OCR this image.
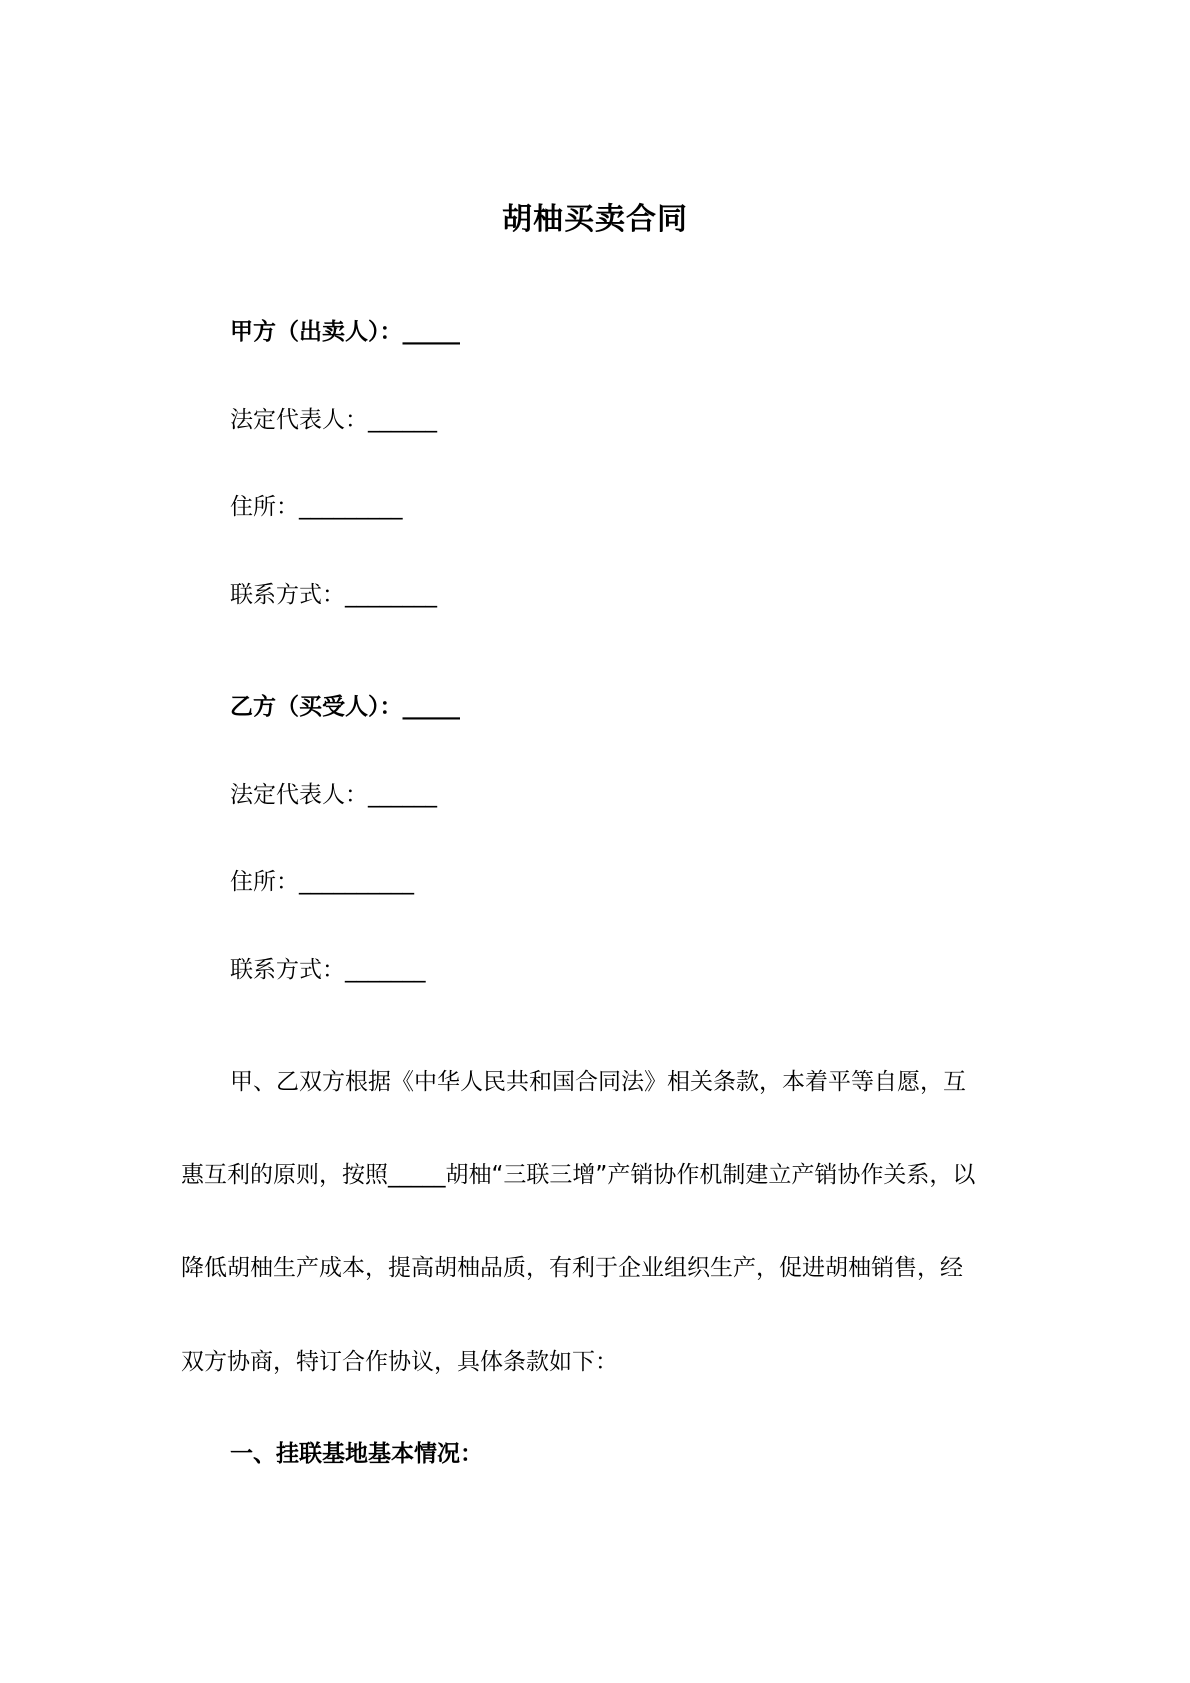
胡柚买卖合同
甲方（出卖人）：_____
法定代表人：______
住所：_________
联系方式：________
乙方（买受人）：_____
法定代表人：______
住所：__________
联系方式：_______
甲、乙双方根据《中华人民共和国合同法》相关条款，本着平等自愿，互
惠互利的原则，按照_____胡柚“三联三增”产销协作机制建立产销协作关系，以
降低胡柚生产成本，提高胡柚品质，有利于企业组织生产，促进胡柚销售，经
双方协商，特订合作协议，具体条款如下：
一、挂联基地基本情况：
